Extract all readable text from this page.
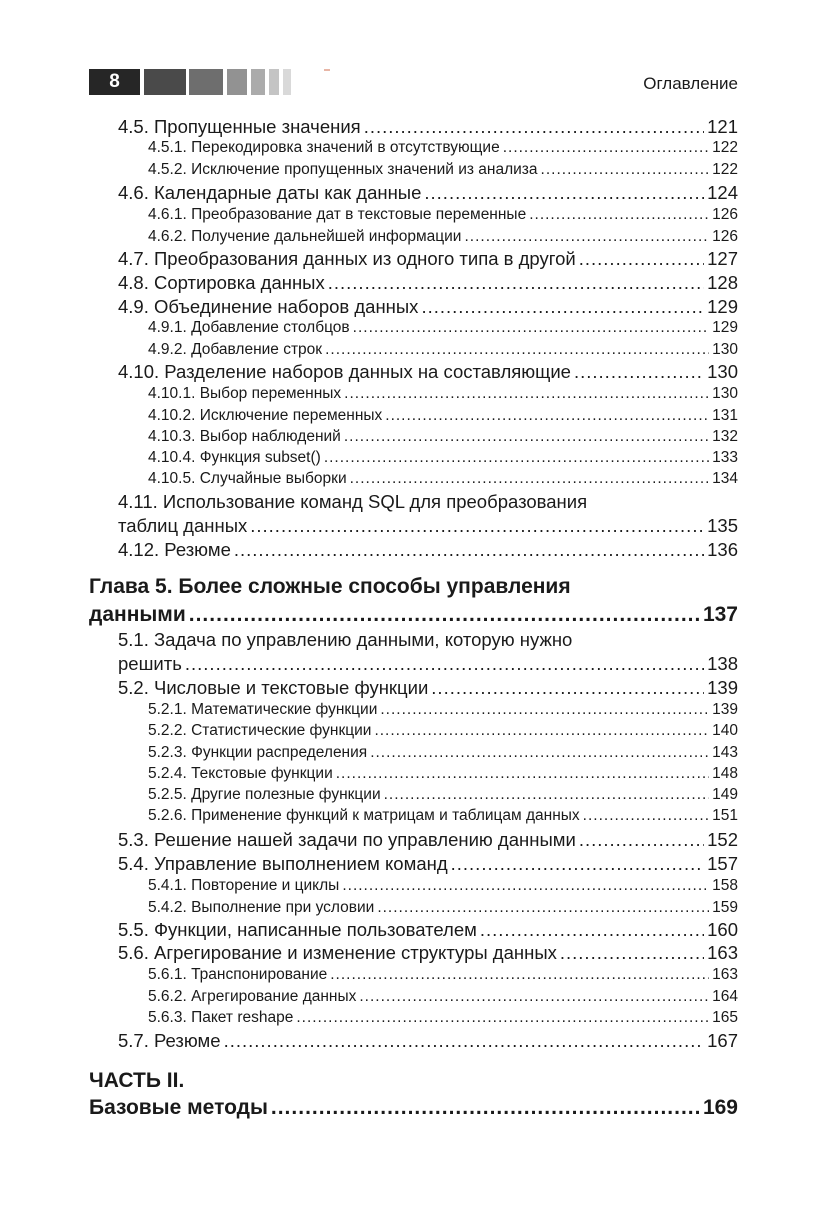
8	Оглавление
4.5. Пропущенные значения .....	121
4.5.1. Перекодировка значений в отсутствующие .....	122
4.5.2. Исключение пропущенных значений из анализа .....	122
4.6. Календарные даты как данные .....	124
4.6.1. Преобразование дат в текстовые переменные .....	126
4.6.2. Получение дальнейшей информации .....	126
4.7. Преобразования данных из одного типа в другой .....	127
4.8. Сортировка данных .....	128
4.9. Объединение наборов данных .....	129
4.9.1. Добавление столбцов .....	129
4.9.2. Добавление строк .....	130
4.10. Разделение наборов данных на составляющие .....	130
4.10.1. Выбор переменных .....	130
4.10.2. Исключение переменных .....	131
4.10.3. Выбор наблюдений .....	132
4.10.4. Функция subset() .....	133
4.10.5. Случайные выборки .....	134
4.11. Использование команд SQL для преобразования
таблиц данных .....	135
4.12. Резюме .....	136
Глава 5. Более сложные способы управления
данными .....	137
5.1. Задача по управлению данными, которую нужно
решить .....	138
5.2. Числовые и текстовые функции .....	139
5.2.1. Математические функции .....	139
5.2.2. Статистические функции .....	140
5.2.3. Функции распределения .....	143
5.2.4. Текстовые функции .....	148
5.2.5. Другие полезные функции .....	149
5.2.6. Применение функций к матрицам и таблицам данных .....	151
5.3. Решение нашей задачи по управлению данными .....	152
5.4. Управление выполнением команд .....	157
5.4.1. Повторение и циклы .....	158
5.4.2. Выполнение при условии .....	159
5.5. Функции, написанные пользователем .....	160
5.6. Агрегирование и изменение структуры данных .....	163
5.6.1. Транспонирование .....	163
5.6.2. Агрегирование данных .....	164
5.6.3. Пакет reshape .....	165
5.7. Резюме .....	167
ЧАСТЬ II.
Базовые методы .....	169
